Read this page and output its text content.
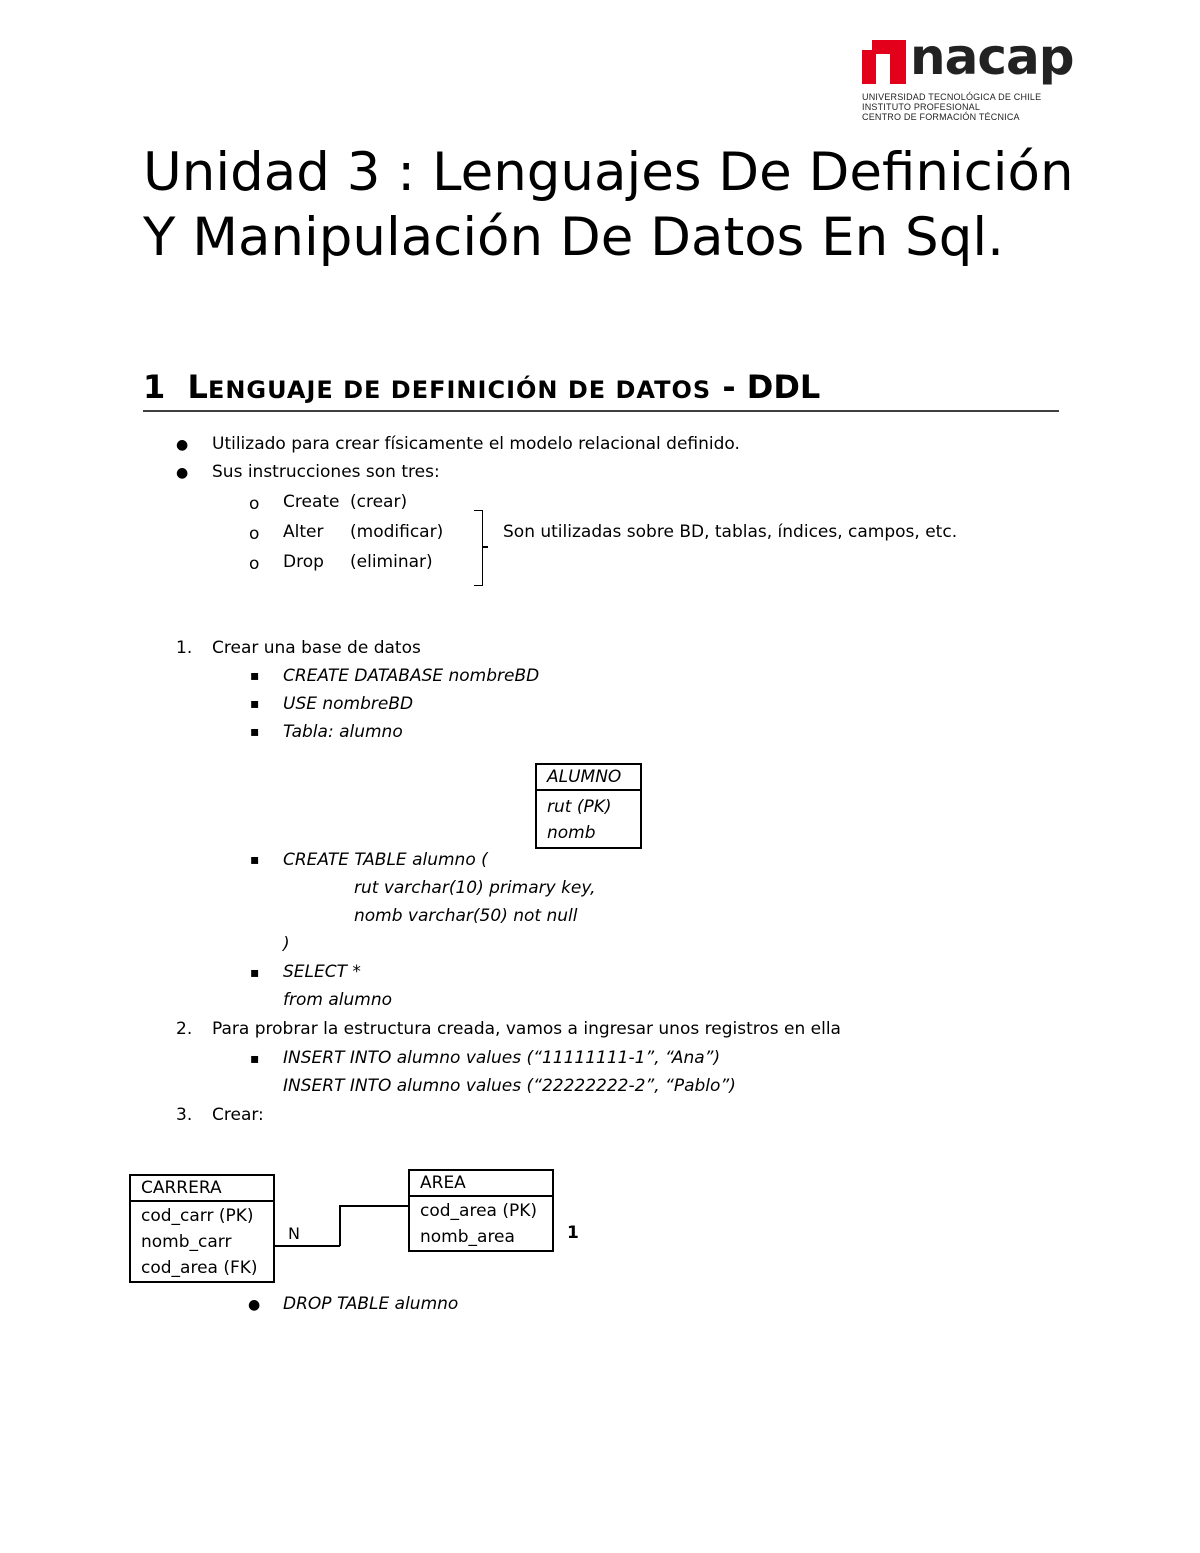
nacap
UNIVERSIDAD TECNOLÓGICA DE CHILE
INSTITUTO PROFESIONAL
CENTRO DE FORMACIÓN TÉCNICA
Unidad 3 : Lenguajes De Definición Y Manipulación De Datos En Sql.
1 LENGUAJE DE DEFINICIÓN DE DATOS - DDL
● Utilizado para crear físicamente el modelo relacional definido.
● Sus instrucciones son tres:
o Create (crear)
o Alter (modificar)
o Drop (eliminar)
Son utilizadas sobre BD, tablas, índices, campos, etc.
1. Crear una base de datos
▪ CREATE DATABASE nombreBD
▪ USE nombreBD
▪ Tabla: alumno
ALUMNO
rut (PK)
nomb
▪ CREATE TABLE alumno (
rut varchar(10) primary key,
nomb varchar(50) not null
)
▪ SELECT *
from alumno
2. Para probrar la estructura creada, vamos a ingresar unos registros en ella
▪ INSERT INTO alumno values (“11111111-1”, “Ana”)
INSERT INTO alumno values (“22222222-2”, “Pablo”)
3. Crear:
CARRERA
cod_carr (PK)
nomb_carr
cod_area (FK)
AREA
cod_area (PK)
nomb_area
N	1
● DROP TABLE alumno
